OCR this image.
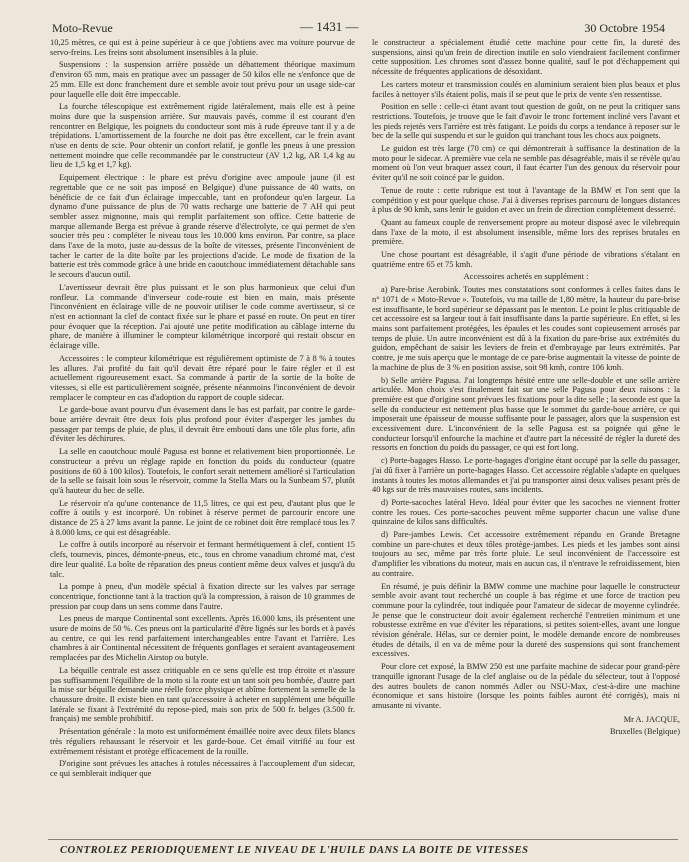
Moto-Revue	— 1431 —	30 Octobre 1954

10,25 mètres, ce qui est à peine supérieur à ce que j'obtiens avec ma voiture pourvue de servo-freins. Les freins sont absolument insensibles à la pluie.

Suspensions : la suspension arrière possède un débattement théorique maximum d'environ 65 mm, mais en pratique avec un passager de 50 kilos elle ne s'enfonce que de 25 mm. Elle est donc franchement dure et semble avoir tout prévu pour un usage side-car pour laquelle elle doit être impeccable.

La fourche télescopique est extrêmement rigide latéralement, mais elle est à peine moins dure que la suspension arrière. Sur mauvais pavés, comme il est courant d'en rencontrer en Belgique, les poignets du conducteur sont mis à rude épreuve tant il y a de trépidations. L'amortissement de la fourche ne doit pas être excellent, car le frein avant n'use en dents de scie. Pour obtenir un confort relatif, je gonfle les pneus à une pression nettement moindre que celle recommandée par le constructeur (AV 1,2 kg, AR 1,4 kg au lieu de 1,5 kg et 1,7 kg).

Equipement électrique : le phare est prévu d'origine avec ampoule jaune (il est regrettable que ce ne soit pas imposé en Belgique) d'une puissance de 40 watts, on bénéficie de ce fait d'un éclairage impeccable, tant en profondeur qu'en largeur. La dynamo d'une puissance de plus de 70 watts recharge une batterie de 7 AH qui peut sembler assez mignonne, mais qui remplit parfaitement son office. Cette batterie de marque allemande Berga est prévue à grande réserve d'électrolyte, ce qui permet de s'en soucier très peu : compléter le niveau tous les 10.000 kms environ. Par contre, sa place dans l'axe de la moto, juste au-dessus de la boîte de vitesses, présente l'inconvénient de tacher le carter de la dite boîte par les projections d'acide. Le mode de fixation de la batterie est très commode grâce à une bride en caoutchouc immédiatement détachable sans le secours d'aucun outil.

L'avertisseur devrait être plus puissant et le son plus harmonieux que celui d'un ronfleur. La commande d'inverseur code-route est bien en main, mais présente l'inconvénient en éclairage ville de ne pouvoir utiliser le code comme avertisseur, si ce n'est en actionnant la clef de contact fixée sur le phare et passé en route. On peut en tirer pour évoquer que la réception. J'ai ajouté une petite modification au câblage interne du phare, de manière à illuminer le compteur kilométrique incorporé qui restait obscur en éclairage ville.

Accessoires : le compteur kilométrique est régulièrement optimiste de 7 à 8 % à toutes les allures. J'ai profité du fait qu'il devait être réparé pour le faire régler et il est actuellement rigoureusement exact. Sa commande à partir de la sortie de la boîte de vitesses, si elle est particulièrement soignée, présente néanmoins l'inconvénient de devoir remplacer le compteur en cas d'adoption du rapport de couple sidecar.

Le garde-boue avant pourvu d'un évasement dans le bas est parfait, par contre le garde-boue arrière devrait être deux fois plus profond pour éviter d'asperger les jambes du passager par temps de pluie, de plus, il devrait être emboutí dans une tôle plus forte, afin d'éviter les déchirures.

La selle en caoutchouc moulé Pagusa est bonne et relativement bien proportionnée. Le constructeur a prévu un réglage rapide en fonction du poids du conducteur (quatre positions de 60 à 100 kilos). Toutefois, le confort serait nettement amélioré si l'articulation de la selle se faisait loin sous le réservoir, comme la Stella Mars ou la Sunbeam S7, plutôt qu'à hauteur du bec de selle.

Le réservoir n'a qu'une contenance de 11,5 litres, ce qui est peu, d'autant plus que le coffre à outils y est incorporé. Un robinet à réserve permet de parcourir encore une distance de 25 à 27 kms avant la panne. Le joint de ce robinet doit être remplacé tous les 7 à 8.000 kms, ce qui est désagréable.

Le coffre à outils incorporé au réservoir et fermant hermétiquement à clef, contient 15 clefs, tournevis, pinces, démonte-pneus, etc., tous en chrome vanadium chromé mat, c'est dire leur qualité. La boîte de réparation des pneus contient même deux valves et jusqu'à du talc.

La pompe à pneu, d'un modèle spécial à fixation directe sur les valves par serrage concentrique, fonctionne tant à la traction qu'à la compression, à raison de 10 grammes de pression par coup dans un sens comme dans l'autre.

Les pneus de marque Continental sont excellents. Après 16.000 kms, ils présentent une usure de moins de 50 %. Ces pneus ont la particularité d'être lignés sur les bords et à pavés au centre, ce qui les rend parfaitement interchangeables entre l'avant et l'arrière. Les chambres à air Continental nécessitent de fréquents gonflages et seraient avantageusement remplacées par des Michelin Airstop ou butyle.

La béquille centrale est assez critiquable en ce sens qu'elle est trop étroite et n'assure pas suffisamment l'équilibre de la moto si la route est un tant soit peu bombée, d'autre part la mise sur béquille demande une réelle force physique et abîme fortement la semelle de la chaussure droite. Il existe bien en tant qu'accessoire à acheter en supplément une béquille latérale se fixant à l'extrémité du repose-pied, mais son prix de 500 fr. belges (3.500 fr. français) me semble prohibitif.

Présentation générale : la moto est uniformément émaillée noire avec deux filets blancs très réguliers rehaussant le réservoir et les garde-boue. Cet émail vitrifié au four est extrêmement résistant et protège efficacement de la rouille.

D'origine sont prévues les attaches à rotules nécessaires à l'accouplement d'un sidecar, ce qui semblerait indiquer que

le constructeur a spécialement étudié cette machine pour cette fin, la dureté des suspensions, ainsi qu'un frein de direction inutile en solo viendraient facilement confirmer cette supposition. Les chromes sont d'assez bonne qualité, sauf le pot d'échappement qui nécessite de fréquentes applications de désoxidant.

Les carters moteur et transmission coulés en aluminium seraient bien plus beaux et plus faciles à nettoyer s'ils étaient polis, mais il se peut que le prix de vente s'en ressentisse.

Position en selle : celle-ci étant avant tout question de goût, on ne peut la critiquer sans restrictions. Toutefois, je trouve que le fait d'avoir le tronc fortement incliné vers l'avant et les pieds rejetés vers l'arrière est très fatigant. Le poids du corps a tendance à reposer sur le bec de la selle qui suspendu et sur le guidon qui tranchant tous les chocs aux poignets.

Le guidon est très large (70 cm) ce qui démontrerait à suffisance la destination de la moto pour le sidecar. A première vue cela ne semble pas désagréable, mais il se révèle qu'au moment où l'on veut braquer assez court, il faut écarter l'un des genoux du réservoir pour éviter qu'il ne soit coincé par le guidon.

Tenue de route : cette rubrique est tout à l'avantage de la BMW et l'on sent que la compétition y est pour quelque chose. J'ai à diverses reprises parcouru de longues distances à plus de 90 kmh, sans lenir le guidon et avec un frein de direction complètement desserré.

Quant au fameux couple de renversement propre au moteur disposé avec le vilebrequin dans l'axe de la moto, il est absolument insensible, même lors des reprises brutales en première.

Une chose pourtant est désagréable, il s'agit d'une période de vibrations s'étalant en quatrième entre 65 et 75 kmh.

Accessoires achetés en supplément :

a) Pare-brise Aerobink. Toutes mes constatations sont conformes à celles faites dans le n° 1071 de « Moto-Revue ». Toutefois, vu ma taille de 1,80 mètre, la hauteur du pare-brise est insuffisante, le bord supérieur se dépassant pas le menton. Le point le plus critiquable de cet accessoire est sa largeur tout à fait insuffisante dans la partie supérieure. En effet, si les mains sont parfaitement protégées, les épaules et les coudes sont copieusement arrosés par temps de pluie. Un autre inconvénient est dû à la fixation du pare-brise aux extrémités du guidon, empêchant de saisir les leviers de frein et d'embrayage par leurs extrémités. Par contre, je me suis aperçu que le montage de ce pare-brise augmentait la vitesse de pointe de la machine de plus de 3 % en position assise, soit 98 kmh, contre 106 kmh.

b) Selle arrière Pagusa. J'ai longtemps hésité entre une selle-double et une selle arrière articulée. Mon choix s'est finalement fait sur une selle Pagusa pour deux raisons : la première est que d'origine sont prévues les fixations pour la dite selle ; la seconde est que la selle du conducteur est nettement plus basse que le sommet du garde-boue arrière, ce qui imposerait une épaisseur de mousse suffisante pour le passager, alors que la suspension est excessivement dure. L'inconvénient de la selle Pagusa est sa poignée qui gêne le conducteur lorsqu'il enfourche la machine et d'autre part la nécessité de régler la dureté des ressorts en fonction du poids du passager, ce qui est fort long.

c) Porte-bagages Hasso. Le porte-bagages d'origine étant occupé par la selle du passager, j'ai dû fixer à l'arrière un porte-bagages Hasso. Cet accessoire réglable s'adapte en quelques instants à toutes les motos allemandes et j'ai pu transporter ainsi deux valises pesant près de 40 kgs sur de très mauvaises routes, sans incidents.

d) Porte-sacoches latéral Hevo. Idéal pour éviter que les sacoches ne viennent frotter contre les roues. Ces porte-sacoches peuvent même supporter chacun une valise d'une quinzaine de kilos sans difficultés.

d) Pare-jambes Lewis. Cet accessoire extrêmement répandu en Grande Bretagne combine un pare-chutes et deux tôles protège-jambes. Les pieds et les jambes sont ainsi toujours au sec, même par très forte pluie. Le seul inconvénient de l'accessoire est d'amplifier les vibrations du moteur, mais en aucun cas, il n'entrave le refroidissement, bien au contraire.

En résumé, je puis définir la BMW comme une machine pour laquelle le constructeur semble avoir avant tout recherché un couple à bas régime et une force de traction peu commune pour la cylindrée, tout indiquée pour l'amateur de sidecar de moyenne cylindrée. Je pense que le constructeur doit avoir également recherché l'entretien minimum et une robustesse extrême en vue d'éviter les réparations, si petites soient-elles, avant une longue révision générale. Hélas, sur ce dernier point, le modèle demande encore de nombreuses études de détails, il en va de même pour la dureté des suspensions qui sont franchement excessives.

Pour clore cet exposé, la BMW 250 est une parfaite machine de sidecar pour grand-père tranquille ignorant l'usage de la clef anglaise ou de la pédale du sélecteur, tout à l'opposé des autres boulets de canon nommés Adler ou NSU-Max, c'est-à-dire une machine économique et sans histoire (lorsque les points faibles auront été corrigés), mais ni amusante ni vivante.

Mr A. JACQUE,

Bruxelles (Belgique)

CONTROLEZ PERIODIQUEMENT LE NIVEAU DE L'HUILE DANS LA BOITE DE VITESSES
